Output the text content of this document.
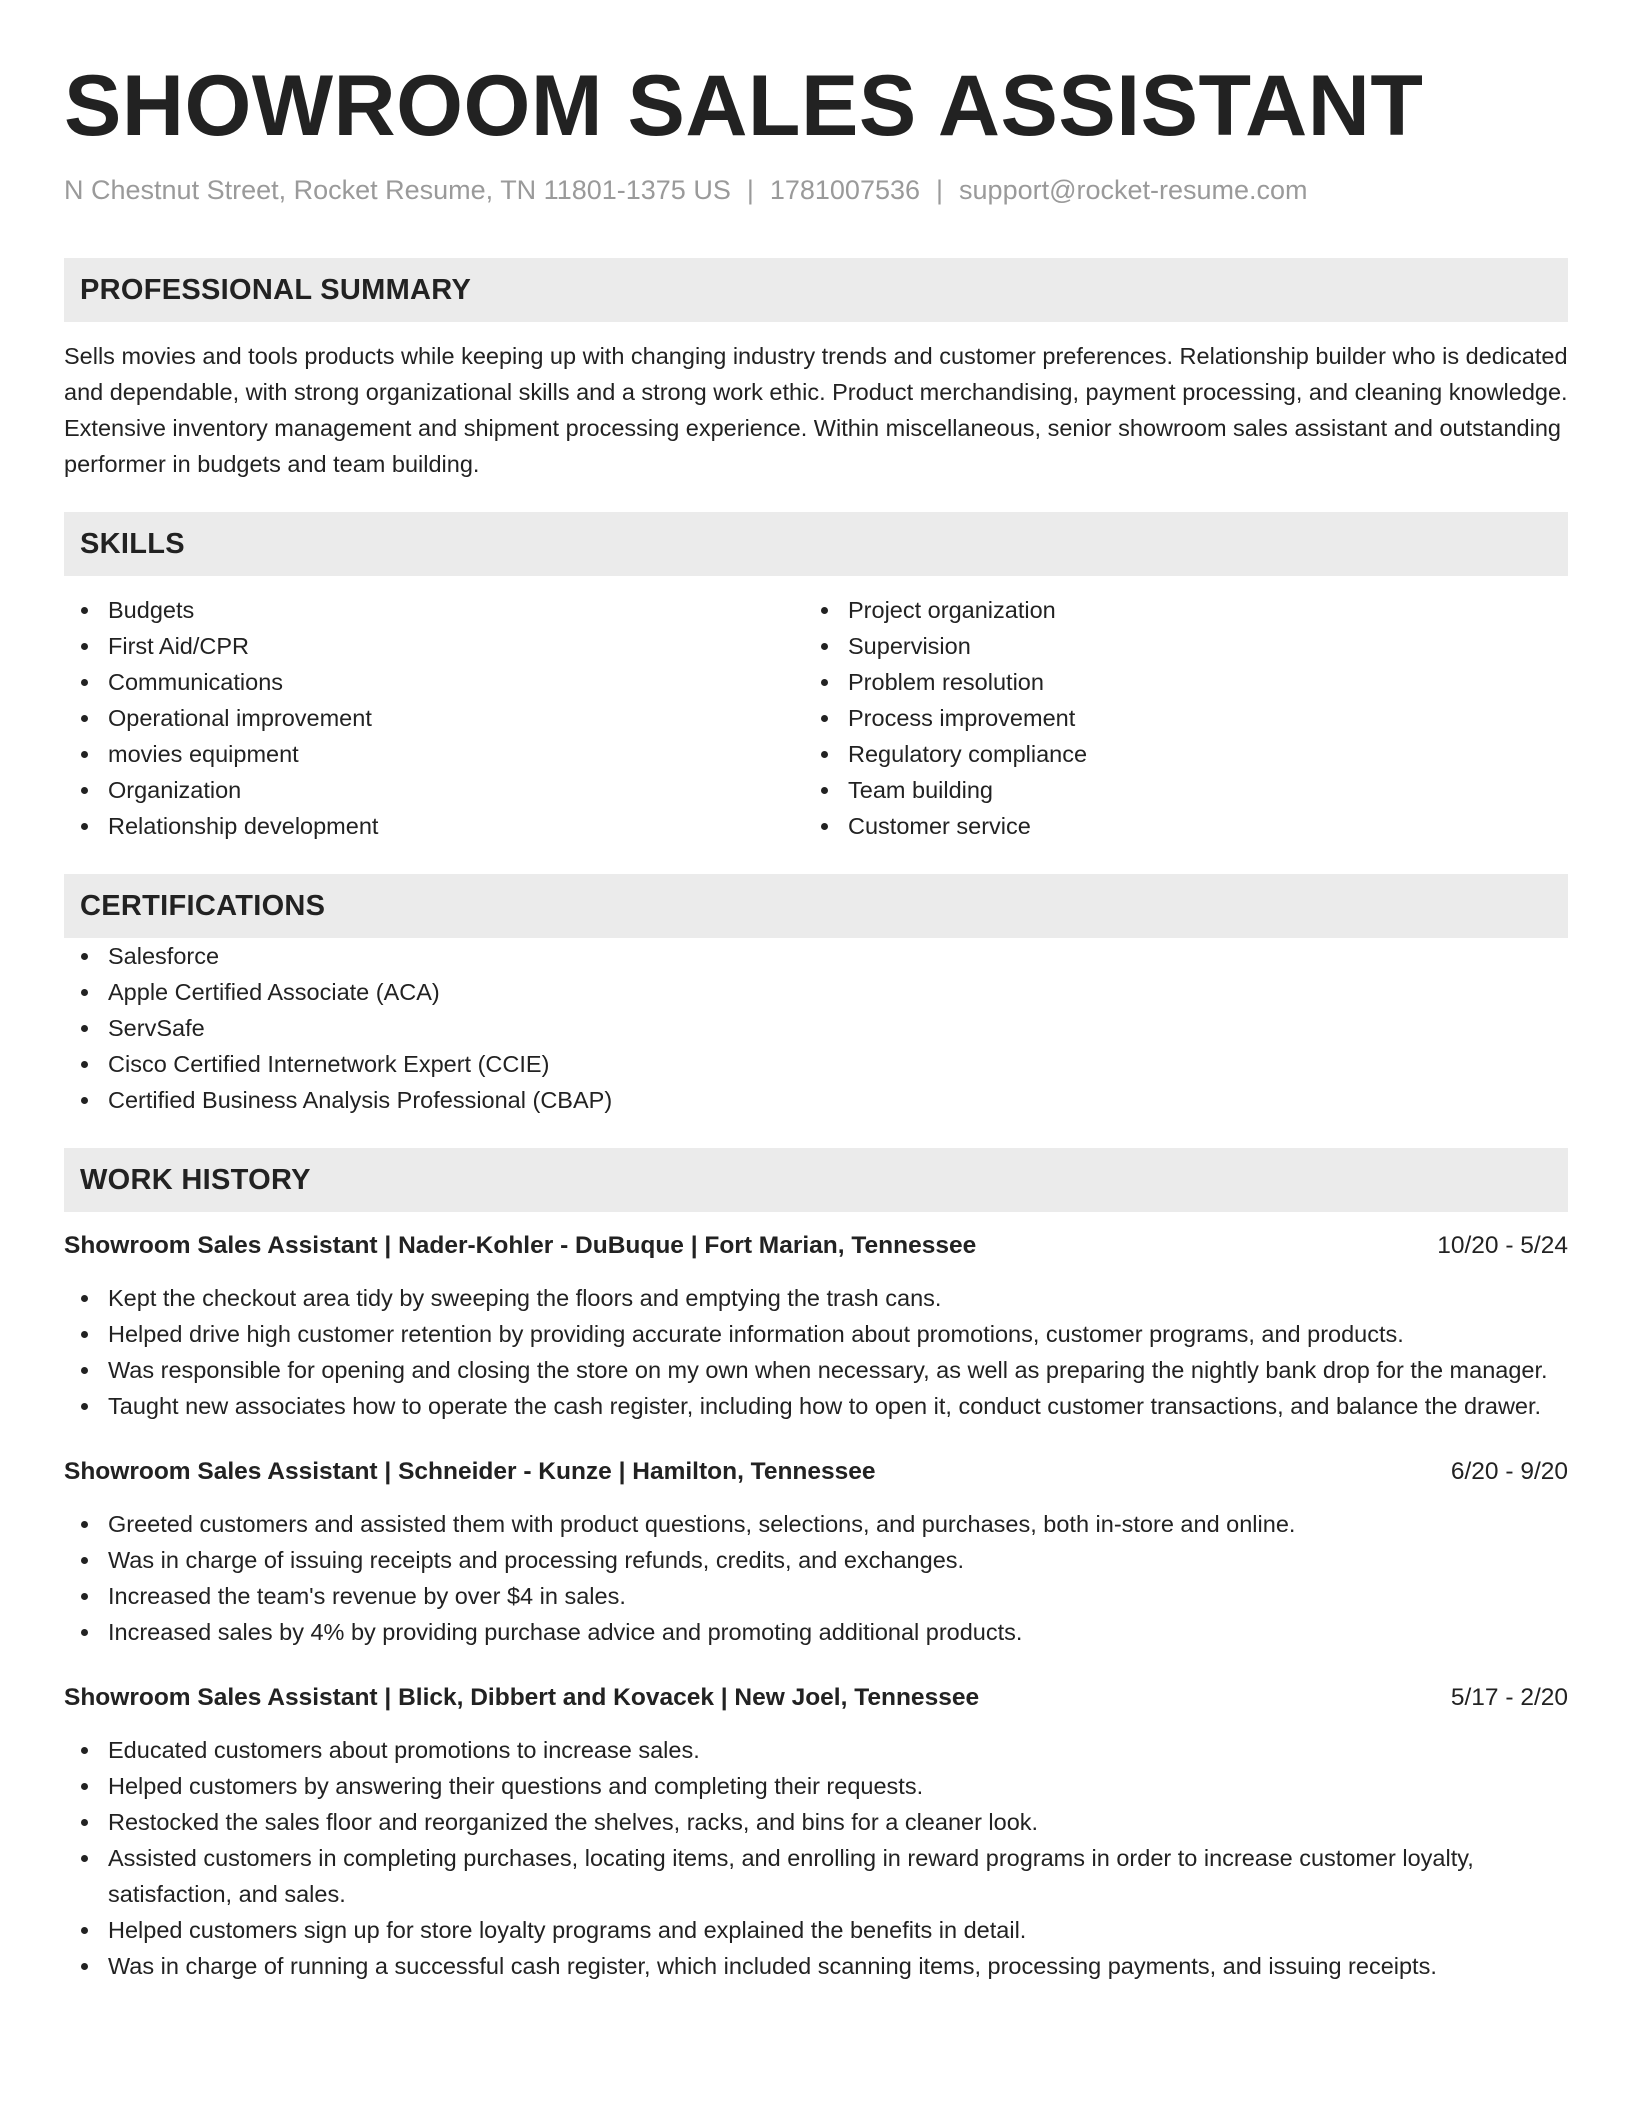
SHOWROOM SALES ASSISTANT
N Chestnut Street, Rocket Resume, TN 11801-1375 US | 1781007536 | support@rocket-resume.com
PROFESSIONAL SUMMARY
Sells movies and tools products while keeping up with changing industry trends and customer preferences. Relationship builder who is dedicated and dependable, with strong organizational skills and a strong work ethic. Product merchandising, payment processing, and cleaning knowledge. Extensive inventory management and shipment processing experience. Within miscellaneous, senior showroom sales assistant and outstanding performer in budgets and team building.
SKILLS
Budgets
First Aid/CPR
Communications
Operational improvement
movies equipment
Organization
Relationship development
Project organization
Supervision
Problem resolution
Process improvement
Regulatory compliance
Team building
Customer service
CERTIFICATIONS
Salesforce
Apple Certified Associate (ACA)
ServSafe
Cisco Certified Internetwork Expert (CCIE)
Certified Business Analysis Professional (CBAP)
WORK HISTORY
Showroom Sales Assistant | Nader-Kohler - DuBuque | Fort Marian, Tennessee	10/20 - 5/24
Kept the checkout area tidy by sweeping the floors and emptying the trash cans.
Helped drive high customer retention by providing accurate information about promotions, customer programs, and products.
Was responsible for opening and closing the store on my own when necessary, as well as preparing the nightly bank drop for the manager.
Taught new associates how to operate the cash register, including how to open it, conduct customer transactions, and balance the drawer.
Showroom Sales Assistant | Schneider - Kunze | Hamilton, Tennessee	6/20 - 9/20
Greeted customers and assisted them with product questions, selections, and purchases, both in-store and online.
Was in charge of issuing receipts and processing refunds, credits, and exchanges.
Increased the team's revenue by over $4 in sales.
Increased sales by 4% by providing purchase advice and promoting additional products.
Showroom Sales Assistant | Blick, Dibbert and Kovacek | New Joel, Tennessee	5/17 - 2/20
Educated customers about promotions to increase sales.
Helped customers by answering their questions and completing their requests.
Restocked the sales floor and reorganized the shelves, racks, and bins for a cleaner look.
Assisted customers in completing purchases, locating items, and enrolling in reward programs in order to increase customer loyalty, satisfaction, and sales.
Helped customers sign up for store loyalty programs and explained the benefits in detail.
Was in charge of running a successful cash register, which included scanning items, processing payments, and issuing receipts.
